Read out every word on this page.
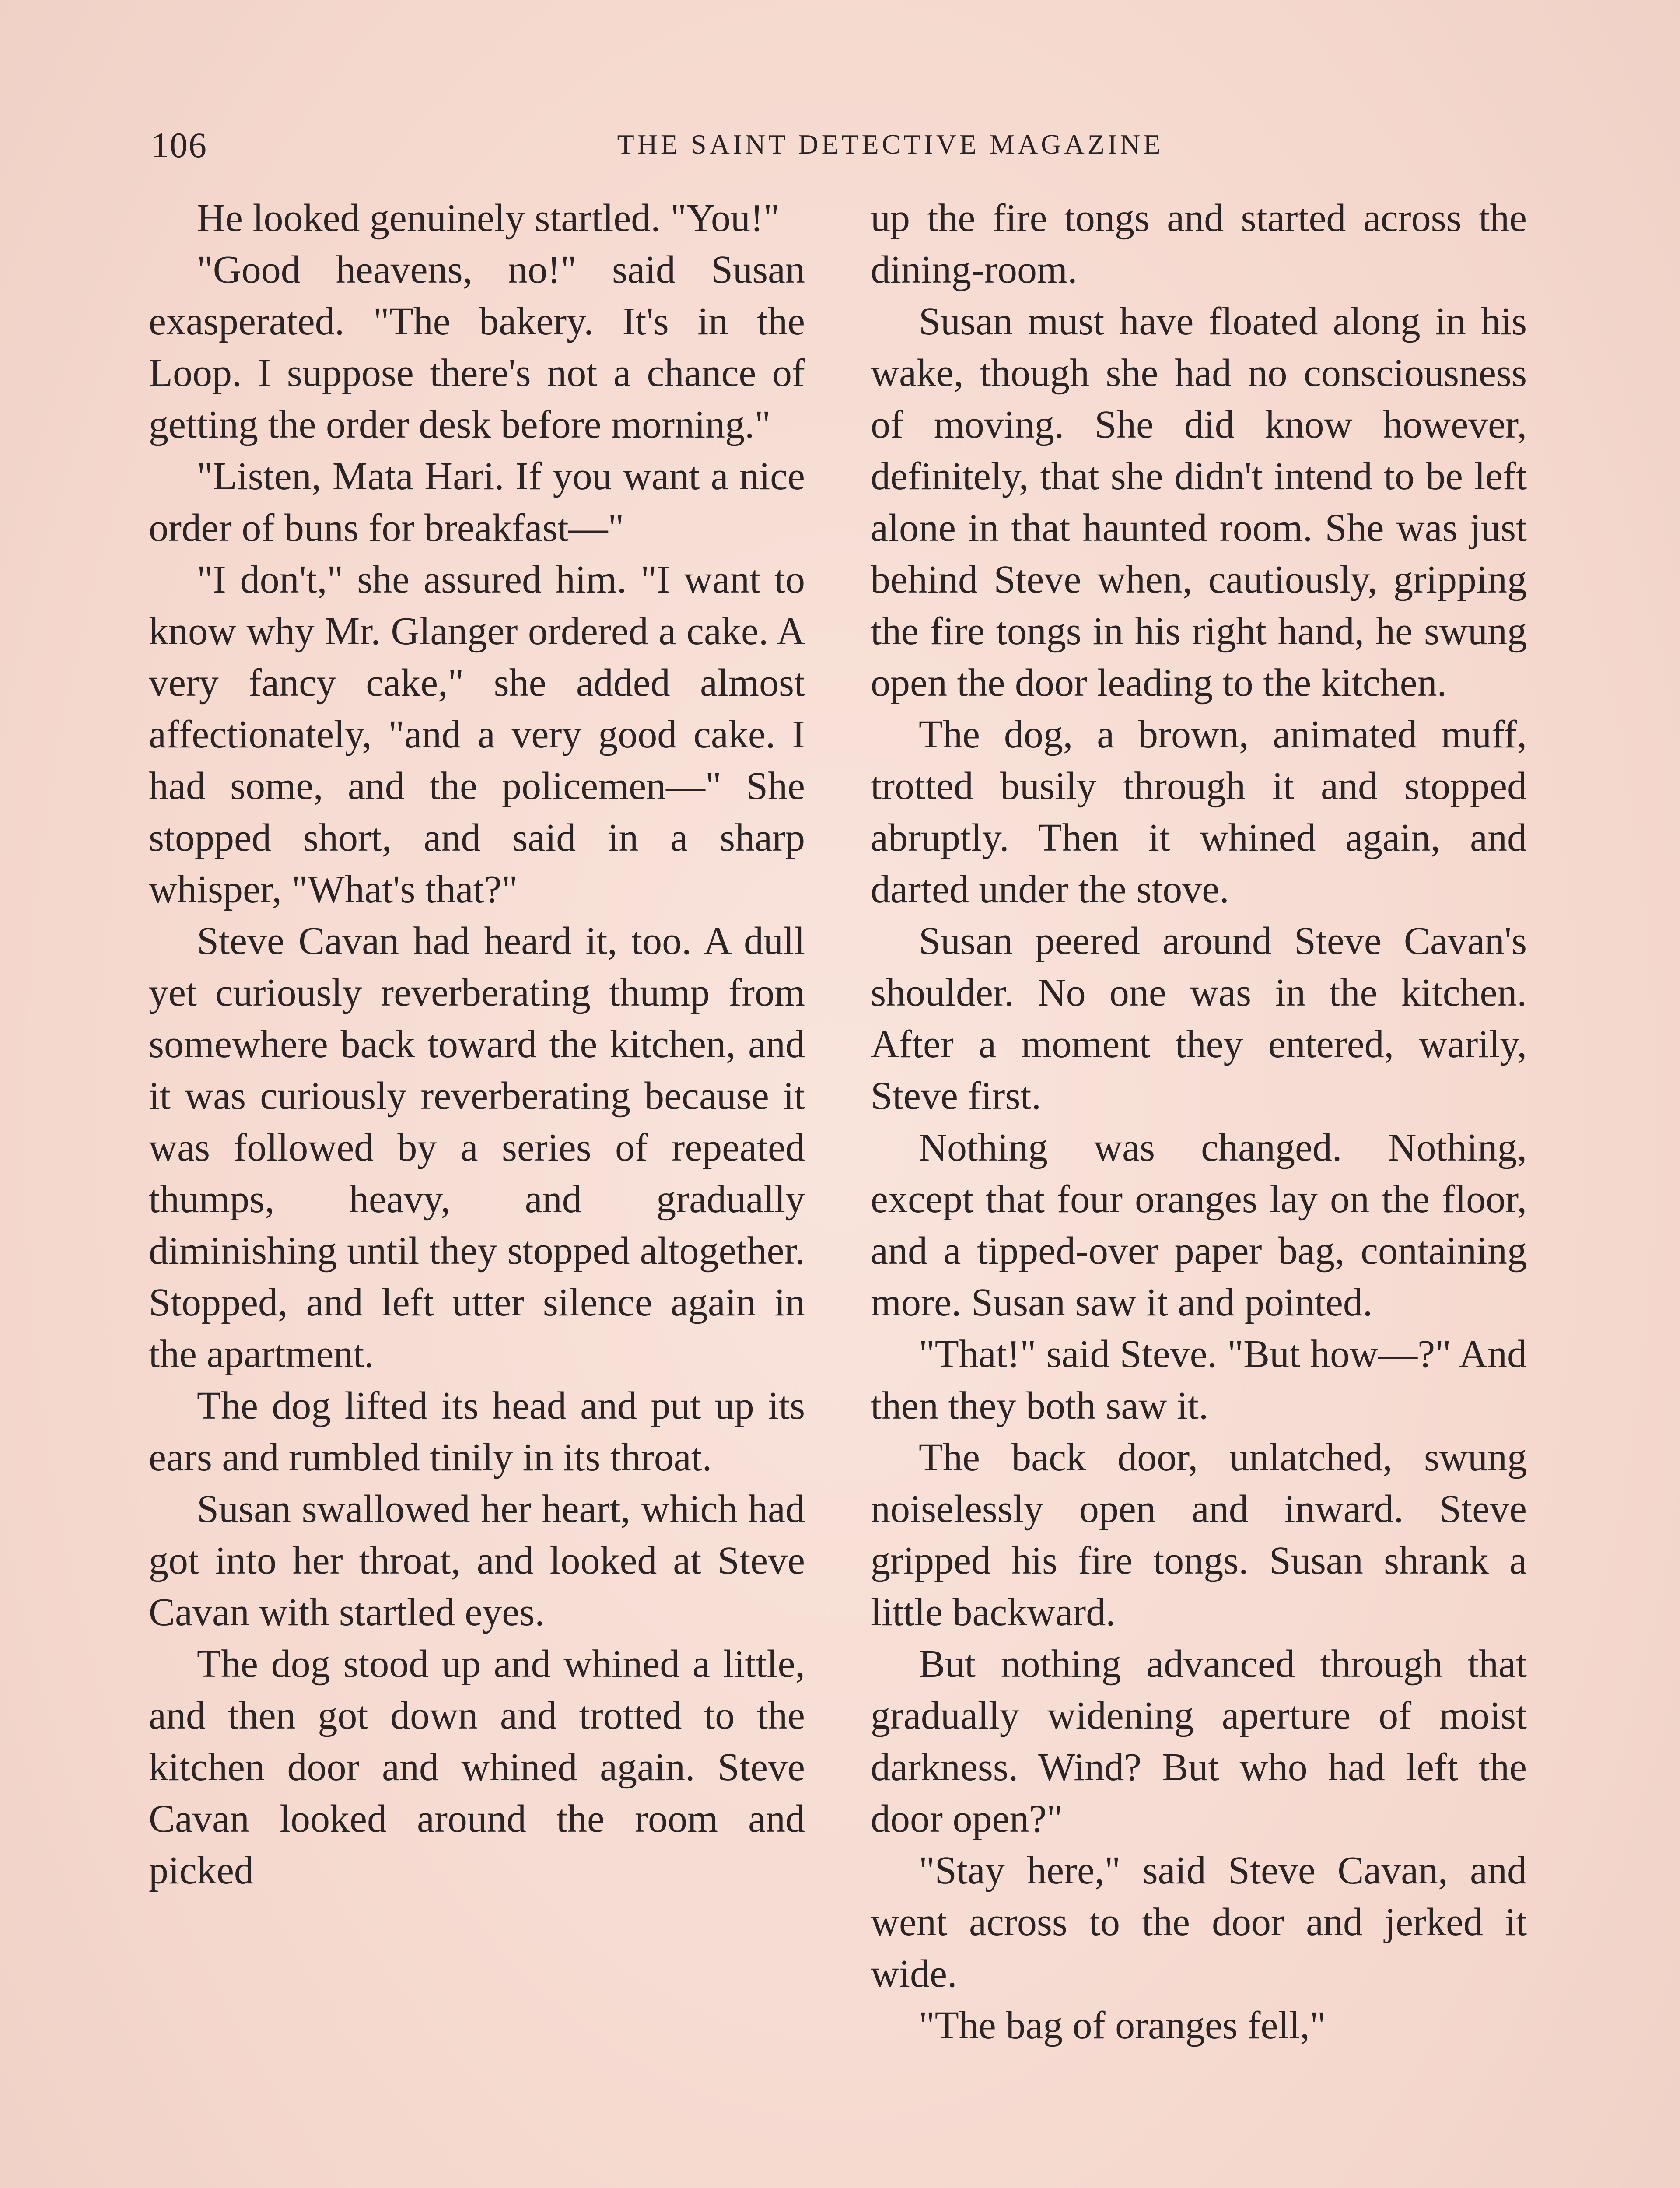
106	THE SAINT DETECTIVE MAGAZINE

He looked genuinely startled. "You!"

"Good heavens, no!" said Susan exasperated. "The bakery. It's in the Loop. I suppose there's not a chance of getting the order desk before morning."

"Listen, Mata Hari. If you want a nice order of buns for breakfast—"

"I don't," she assured him. "I want to know why Mr. Glanger ordered a cake. A very fancy cake," she added almost affectionately, "and a very good cake. I had some, and the policemen—" She stopped short, and said in a sharp whisper, "What's that?"

Steve Cavan had heard it, too. A dull yet curiously reverberating thump from somewhere back toward the kitchen, and it was curiously reverberating because it was followed by a series of repeated thumps, heavy, and gradually diminishing until they stopped altogether. Stopped, and left utter silence again in the apartment.

The dog lifted its head and put up its ears and rumbled tinily in its throat.

Susan swallowed her heart, which had got into her throat, and looked at Steve Cavan with startled eyes.

The dog stood up and whined a little, and then got down and trotted to the kitchen door and whined again. Steve Cavan looked around the room and picked

up the fire tongs and started across the dining-room.

Susan must have floated along in his wake, though she had no consciousness of moving. She did know however, definitely, that she didn't intend to be left alone in that haunted room. She was just behind Steve when, cautiously, gripping the fire tongs in his right hand, he swung open the door leading to the kitchen.

The dog, a brown, animated muff, trotted busily through it and stopped abruptly. Then it whined again, and darted under the stove.

Susan peered around Steve Cavan's shoulder. No one was in the kitchen. After a moment they entered, warily, Steve first.

Nothing was changed. Nothing, except that four oranges lay on the floor, and a tipped-over paper bag, containing more. Susan saw it and pointed.

"That!" said Steve. "But how—?" And then they both saw it.

The back door, unlatched, swung noiselessly open and inward. Steve gripped his fire tongs. Susan shrank a little backward.

But nothing advanced through that gradually widening aperture of moist darkness. Wind? But who had left the door open?"

"Stay here," said Steve Cavan, and went across to the door and jerked it wide.

"The bag of oranges fell,"
